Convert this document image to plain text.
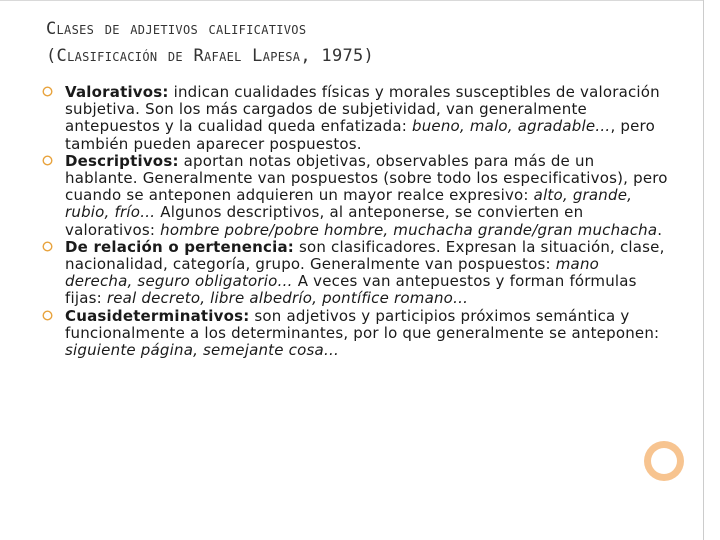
Clases de adjetivos calificativos
(Clasificación de Rafael Lapesa, 1975)

Valorativos: indican cualidades físicas y morales susceptibles de valoración subjetiva. Son los más cargados de subjetividad, van generalmente antepuestos y la cualidad queda enfatizada: bueno, malo, agradable…, pero también pueden aparecer pospuestos.

Descriptivos: aportan notas objetivas, observables para más de un hablante. Generalmente van pospuestos (sobre todo los especificativos), pero cuando se anteponen adquieren un mayor realce expresivo: alto, grande, rubio, frío… Algunos descriptivos, al anteponerse, se convierten en valorativos: hombre pobre/pobre hombre, muchacha grande/gran muchacha.

De relación o pertenencia: son clasificadores. Expresan la situación, clase, nacionalidad, categoría, grupo. Generalmente van pospuestos: mano derecha, seguro obligatorio… A veces van antepuestos y forman fórmulas fijas: real decreto, libre albedrío, pontífice romano…

Cuasideterminativos: son adjetivos y participios próximos semántica y funcionalmente a los determinantes, por lo que generalmente se anteponen: siguiente página, semejante cosa…
